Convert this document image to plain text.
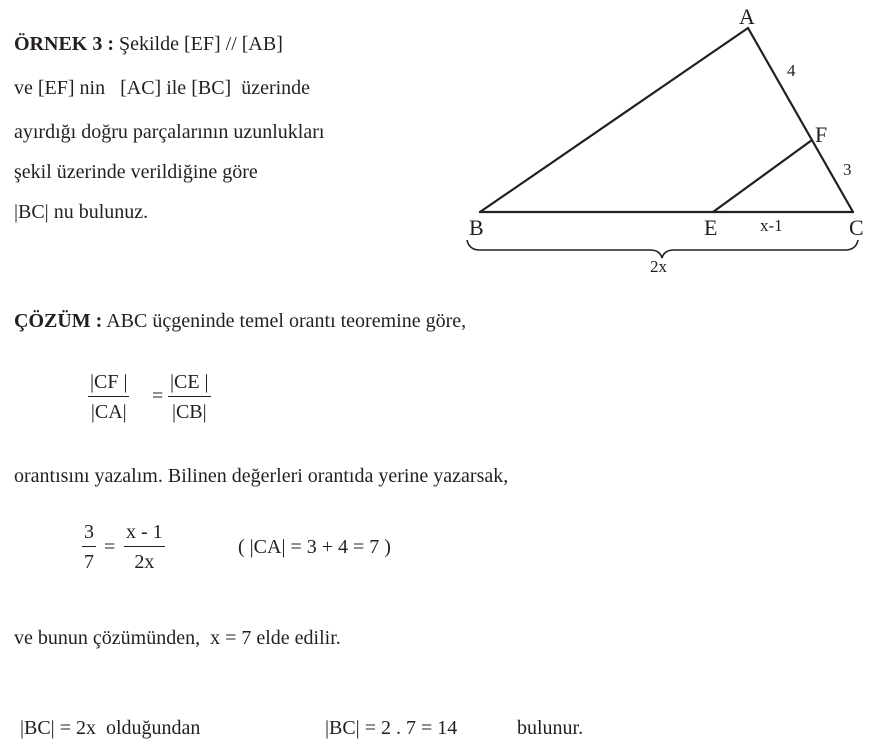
ÖRNEK 3 : Şekilde [EF] // [AB]
ve [EF] nin   [AC] ile [BC]  üzerinde
ayırdığı doğru parçalarının uzunlukları
şekil üzerinde verildiğine göre
|BC| nu bulunuz.
A
B	C
E
F
4
3
x-1
2x
ÇÖZÜM : ABC üçgeninde temel orantı teoremine göre,
$\frac{|CF |}{|CA|} = \frac{|CE |}{|CB|}$
orantısını yazalım. Bilinen değerleri orantıda yerine yazarsak,
$\frac{3}{7} = \frac{x - 1}{2x}$	( |CA| = 3 + 4 = 7 )
ve bunun çözümünden,  x = 7 elde edilir.
|BC| = 2x  olduğundan	|BC| = 2 . 7 = 14	bulunur.
